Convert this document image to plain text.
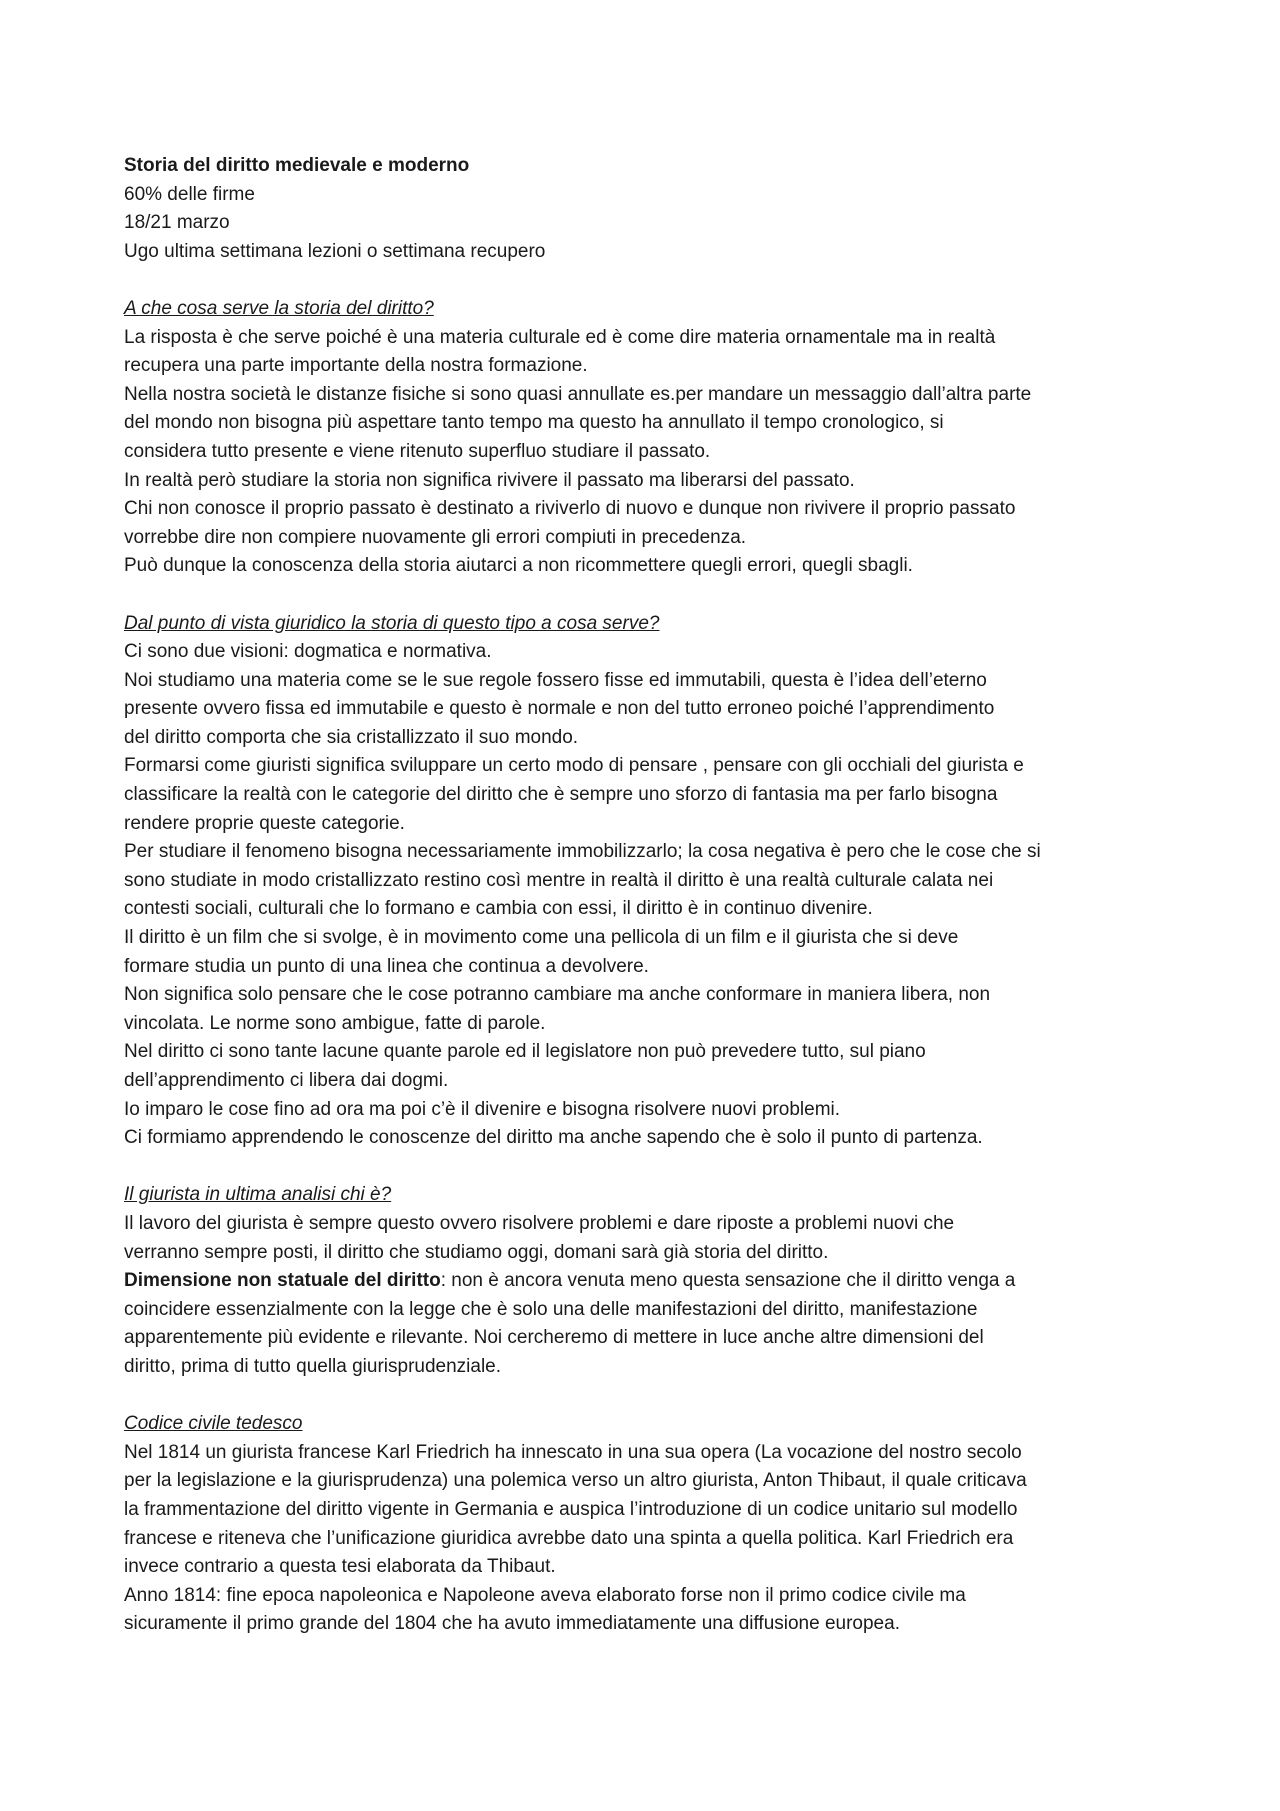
Storia del diritto medievale e moderno
60% delle firme
18/21 marzo
Ugo ultima settimana lezioni o settimana recupero
A che cosa serve la storia del diritto?
La risposta è che serve poiché è una materia culturale ed è come dire materia ornamentale ma in realtà
recupera una parte importante della nostra formazione.
Nella nostra società le distanze fisiche si sono quasi annullate es.per mandare un messaggio dall’altra parte
del mondo non bisogna più aspettare tanto tempo ma questo ha annullato il tempo cronologico, si
considera tutto presente e viene ritenuto superfluo studiare il passato.
In realtà però studiare la storia non significa rivivere il passato ma liberarsi del passato.
Chi non conosce il proprio passato è destinato a riviverlo di nuovo e dunque non rivivere il proprio passato
vorrebbe dire non compiere nuovamente gli errori compiuti in precedenza.
Può dunque la conoscenza della storia aiutarci a non ricommettere quegli errori, quegli sbagli.
Dal punto di vista giuridico la storia di questo tipo a cosa serve?
Ci sono due visioni: dogmatica e normativa.
Noi studiamo una materia come se le sue regole fossero fisse ed immutabili, questa è l’idea dell’eterno
presente ovvero fissa ed immutabile e questo è normale e non del tutto erroneo poiché l’apprendimento
del diritto comporta che sia cristallizzato il suo mondo.
Formarsi come giuristi significa sviluppare un certo modo di pensare , pensare con gli occhiali del giurista e
classificare la realtà con le categorie del diritto che è sempre uno sforzo di fantasia ma per farlo bisogna
rendere proprie queste categorie.
Per studiare il fenomeno bisogna necessariamente immobilizzarlo; la cosa negativa è pero che le cose che si
sono studiate in modo cristallizzato restino così mentre in realtà il diritto è una realtà culturale calata nei
contesti sociali, culturali che lo formano e cambia con essi, il diritto è in continuo divenire.
Il diritto è un film che si svolge, è in movimento come una pellicola di un film e il giurista che si deve
formare studia un punto di una linea che continua a devolvere.
Non significa solo pensare che le cose potranno cambiare ma anche conformare in maniera libera, non
vincolata. Le norme sono ambigue, fatte di parole.
Nel diritto ci sono tante lacune quante parole ed il legislatore non può prevedere tutto, sul piano
dell’apprendimento ci libera dai dogmi.
Io imparo le cose fino ad ora ma poi c’è il divenire e bisogna risolvere nuovi problemi.
Ci formiamo apprendendo le conoscenze del diritto ma anche sapendo che è solo il punto di partenza.
Il giurista in ultima analisi chi è?
Il lavoro del giurista è sempre questo ovvero risolvere problemi e dare riposte a problemi nuovi che
verranno sempre posti, il diritto che studiamo oggi, domani sarà già storia del diritto.
Dimensione non statuale del diritto: non è ancora venuta meno questa sensazione che il diritto venga a
coincidere essenzialmente con la legge che è solo una delle manifestazioni del diritto, manifestazione
apparentemente più evidente e rilevante. Noi cercheremo di mettere in luce anche altre dimensioni del
diritto, prima di tutto quella giurisprudenziale.
Codice civile tedesco
Nel 1814 un giurista francese Karl Friedrich ha innescato in una sua opera (La vocazione del nostro secolo
per la legislazione e la giurisprudenza) una polemica verso un altro giurista, Anton Thibaut, il quale criticava
la frammentazione del diritto vigente in Germania e auspica l’introduzione di un codice unitario sul modello
francese e riteneva che l’unificazione giuridica avrebbe dato una spinta a quella politica. Karl Friedrich era
invece contrario a questa tesi elaborata da Thibaut.
Anno 1814: fine epoca napoleonica e Napoleone aveva elaborato forse non il primo codice civile ma
sicuramente il primo grande del 1804 che ha avuto immediatamente una diffusione europea.
